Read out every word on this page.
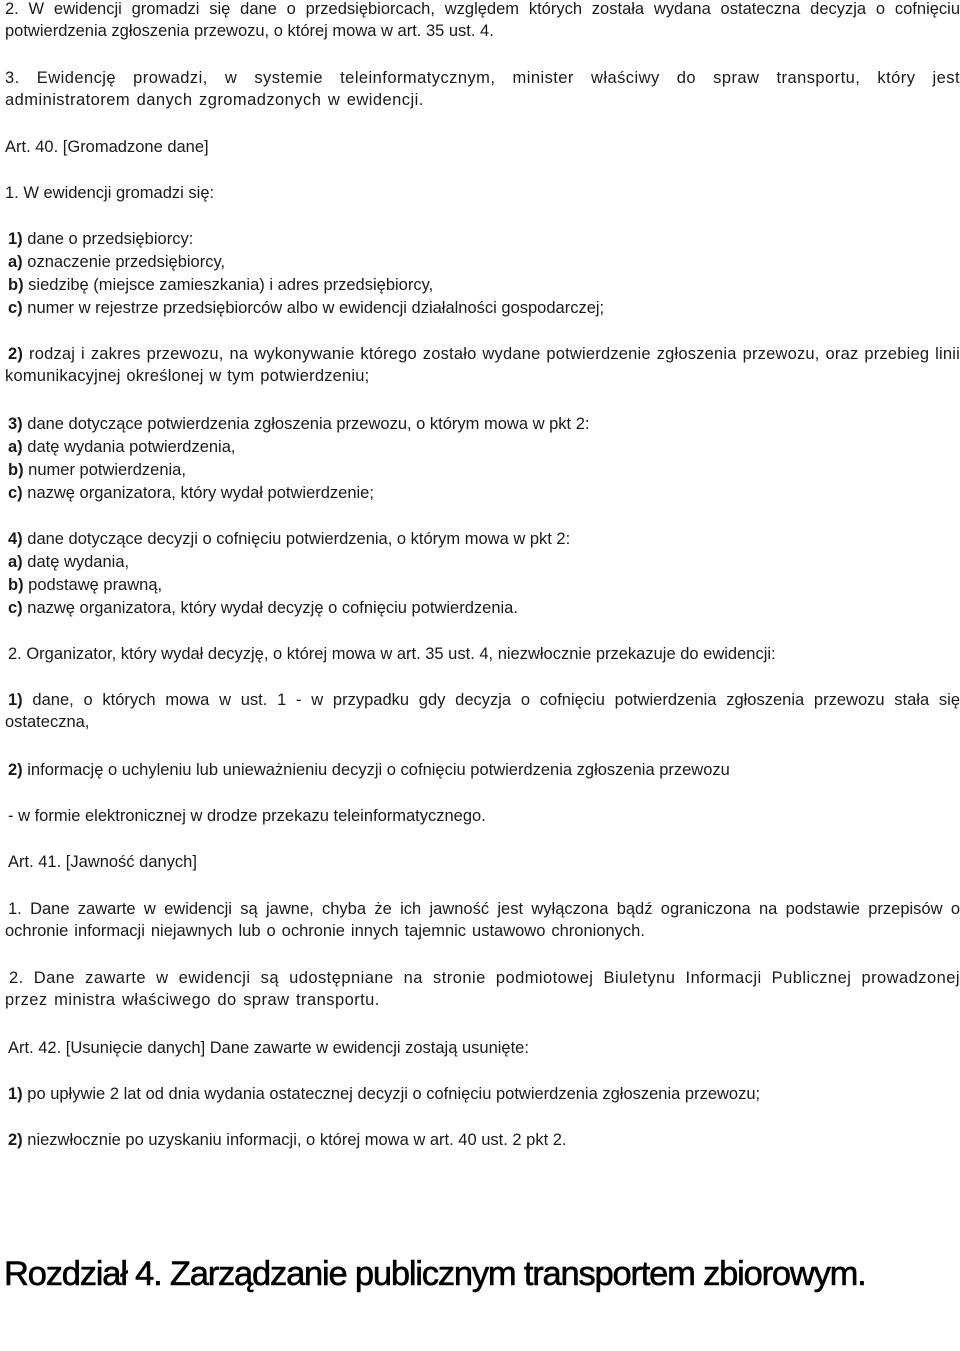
2. W ewidencji gromadzi się dane o przedsiębiorcach, względem których została wydana ostateczna decyzja o cofnięciu potwierdzenia zgłoszenia przewozu, o której mowa w art. 35 ust. 4.

3. Ewidencję prowadzi, w systemie teleinformatycznym, minister właściwy do spraw transportu, który jest administratorem danych zgromadzonych w ewidencji.

Art. 40. [Gromadzone dane]

1. W ewidencji gromadzi się:

1) dane o przedsiębiorcy:

a) oznaczenie przedsiębiorcy,

b) siedzibę (miejsce zamieszkania) i adres przedsiębiorcy,

c) numer w rejestrze przedsiębiorców albo w ewidencji działalności gospodarczej;

2) rodzaj i zakres przewozu, na wykonywanie którego zostało wydane potwierdzenie zgłoszenia przewozu, oraz przebieg linii komunikacyjnej określonej w tym potwierdzeniu;

3) dane dotyczące potwierdzenia zgłoszenia przewozu, o którym mowa w pkt 2:

a) datę wydania potwierdzenia,

b) numer potwierdzenia,

c) nazwę organizatora, który wydał potwierdzenie;

4) dane dotyczące decyzji o cofnięciu potwierdzenia, o którym mowa w pkt 2:

a) datę wydania,

b) podstawę prawną,

c) nazwę organizatora, który wydał decyzję o cofnięciu potwierdzenia.

2. Organizator, który wydał decyzję, o której mowa w art. 35 ust. 4, niezwłocznie przekazuje do ewidencji:

1) dane, o których mowa w ust. 1 - w przypadku gdy decyzja o cofnięciu potwierdzenia zgłoszenia przewozu stała się ostateczna,

2) informację o uchyleniu lub unieważnieniu decyzji o cofnięciu potwierdzenia zgłoszenia przewozu

- w formie elektronicznej w drodze przekazu teleinformatycznego.

Art. 41. [Jawność danych]

1. Dane zawarte w ewidencji są jawne, chyba że ich jawność jest wyłączona bądź ograniczona na podstawie przepisów o ochronie informacji niejawnych lub o ochronie innych tajemnic ustawowo chronionych.

2. Dane zawarte w ewidencji są udostępniane na stronie podmiotowej Biuletynu Informacji Publicznej prowadzonej przez ministra właściwego do spraw transportu.

Art. 42. [Usunięcie danych] Dane zawarte w ewidencji zostają usunięte:

1) po upływie 2 lat od dnia wydania ostatecznej decyzji o cofnięciu potwierdzenia zgłoszenia przewozu;

2) niezwłocznie po uzyskaniu informacji, o której mowa w art. 40 ust. 2 pkt 2.

Rozdział 4. Zarządzanie publicznym transportem zbiorowym.
